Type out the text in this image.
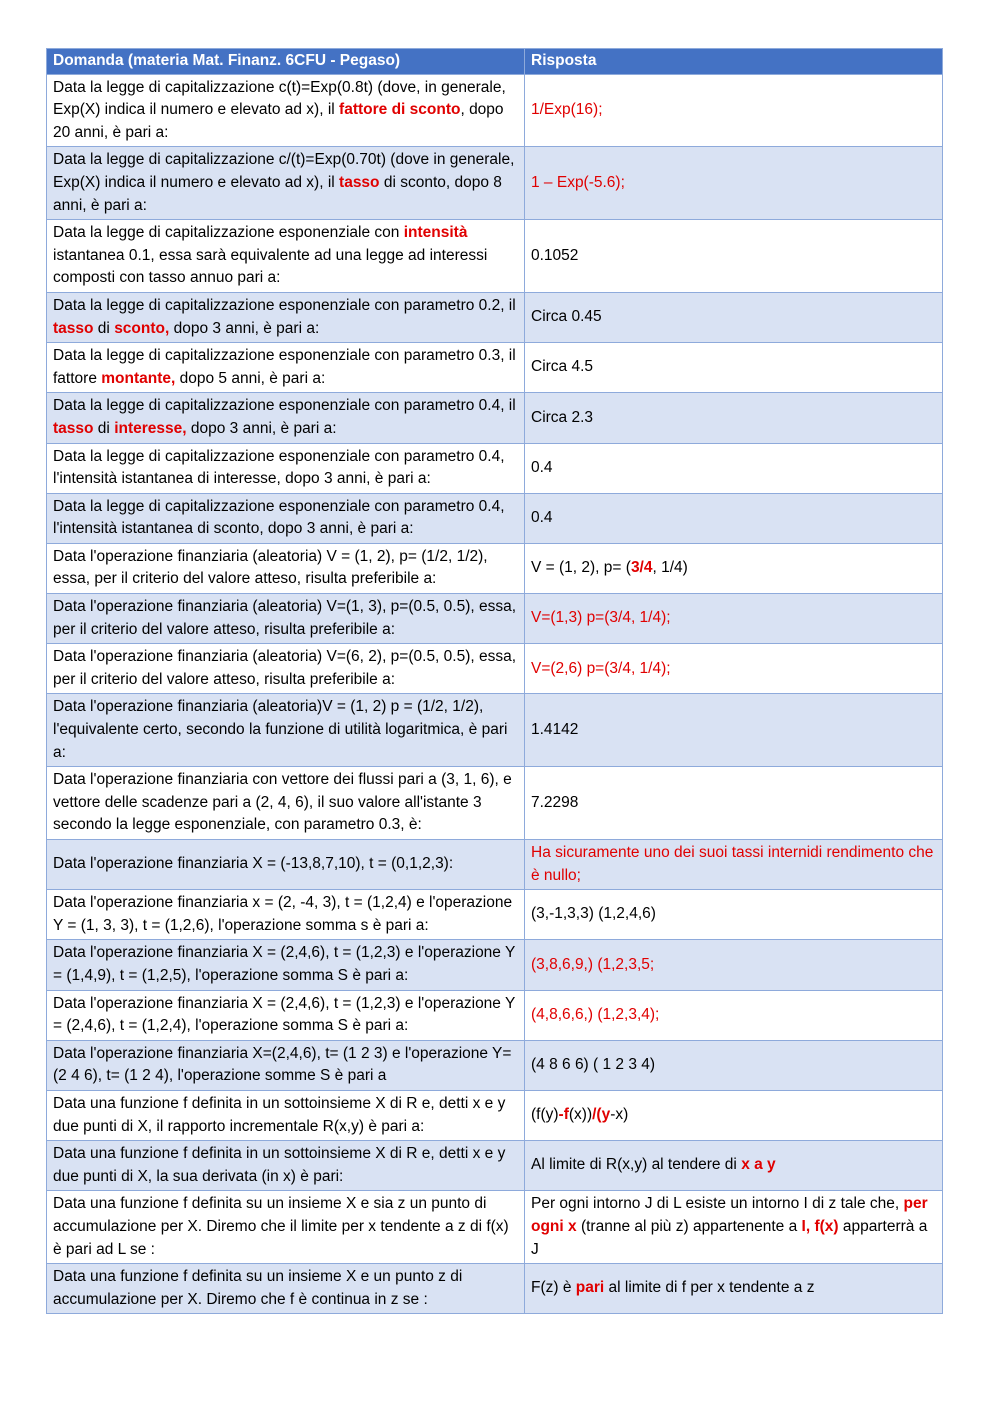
Domanda (materia Mat. Finanz. 6CFU - Pegaso)	Risposta
Data la legge di capitalizzazione c(t)=Exp(0.8t) (dove, in generale, Exp(X) indica il numero e elevato ad x), il fattore di sconto, dopo 20 anni, è pari a:	1/Exp(16);
Data la legge di capitalizzazione c/(t)=Exp(0.70t) (dove in generale, Exp(X) indica il numero e elevato ad x), il tasso di sconto, dopo 8 anni, è pari a:	1 – Exp(-5.6);
Data la legge di capitalizzazione esponenziale con intensità istantanea 0.1, essa sarà equivalente ad una legge ad interessi composti con tasso annuo pari a:	0.1052
Data la legge di capitalizzazione esponenziale con parametro 0.2, il tasso di sconto, dopo 3 anni, è pari a:	Circa 0.45
Data la legge di capitalizzazione esponenziale con parametro 0.3, il fattore montante, dopo 5 anni, è pari a:	Circa 4.5
Data la legge di capitalizzazione esponenziale con parametro 0.4, il tasso di interesse, dopo 3 anni, è pari a:	Circa 2.3
Data la legge di capitalizzazione esponenziale con parametro 0.4, l'intensità istantanea di interesse, dopo 3 anni, è pari a:	0.4
Data la legge di capitalizzazione esponenziale con parametro 0.4, l'intensità istantanea di sconto, dopo 3 anni, è pari a:	0.4
Data l'operazione finanziaria (aleatoria) V = (1, 2), p= (1/2, 1/2), essa, per il criterio del valore atteso, risulta preferibile a:	V = (1, 2), p= (3/4, 1/4)
Data l'operazione finanziaria (aleatoria) V=(1, 3), p=(0.5, 0.5), essa, per il criterio del valore atteso, risulta preferibile a:	V=(1,3) p=(3/4, 1/4);
Data l'operazione finanziaria (aleatoria) V=(6, 2), p=(0.5, 0.5), essa, per il criterio del valore atteso, risulta preferibile a:	V=(2,6) p=(3/4, 1/4);
Data l'operazione finanziaria (aleatoria)V = (1, 2) p = (1/2, 1/2), l'equivalente certo, secondo la funzione di utilità logaritmica, è pari a:	1.4142
Data l'operazione finanziaria con vettore dei flussi pari a (3, 1, 6), e vettore delle scadenze pari a (2, 4, 6), il suo valore all'istante 3 secondo la legge esponenziale, con parametro 0.3, è:	7.2298
Data l'operazione finanziaria X = (-13,8,7,10), t = (0,1,2,3):	Ha sicuramente uno dei suoi tassi internidi rendimento che è nullo;
Data l'operazione finanziaria x = (2, -4, 3), t = (1,2,4) e l'operazione Y = (1, 3, 3), t = (1,2,6), l'operazione somma s è pari a:	(3,-1,3,3) (1,2,4,6)
Data l'operazione finanziaria X = (2,4,6), t = (1,2,3) e l'operazione Y = (1,4,9), t = (1,2,5), l'operazione somma S è pari a:	(3,8,6,9,) (1,2,3,5;
Data l'operazione finanziaria X = (2,4,6), t = (1,2,3) e l'operazione Y = (2,4,6), t = (1,2,4), l'operazione somma S è pari a:	(4,8,6,6,) (1,2,3,4);
Data l'operazione finanziaria X=(2,4,6), t= (1 2 3) e l'operazione Y= (2 4 6), t= (1 2 4), l'operazione somme S è pari a	(4 8 6 6) ( 1 2 3 4)
Data una funzione f definita in un sottoinsieme X di R e, detti x e y due punti di X, il rapporto incrementale R(x,y) è pari a:	(f(y)-f(x))/(y-x)
Data una funzione f definita in un sottoinsieme X di R e, detti x e y due punti di X, la sua derivata (in x) è pari:	Al limite di R(x,y) al tendere di x a y
Data una funzione f definita su un insieme X e sia z un punto di accumulazione per X. Diremo che il limite per x tendente a z di f(x) è pari ad L se :	Per ogni intorno J di L esiste un intorno I di z tale che, per ogni x (tranne al più z) appartenente a I, f(x) apparterrà a J
Data una funzione f definita su un insieme X e un punto z di accumulazione per X. Diremo che f è continua in z se :	F(z) è pari al limite di f per x tendente a z
